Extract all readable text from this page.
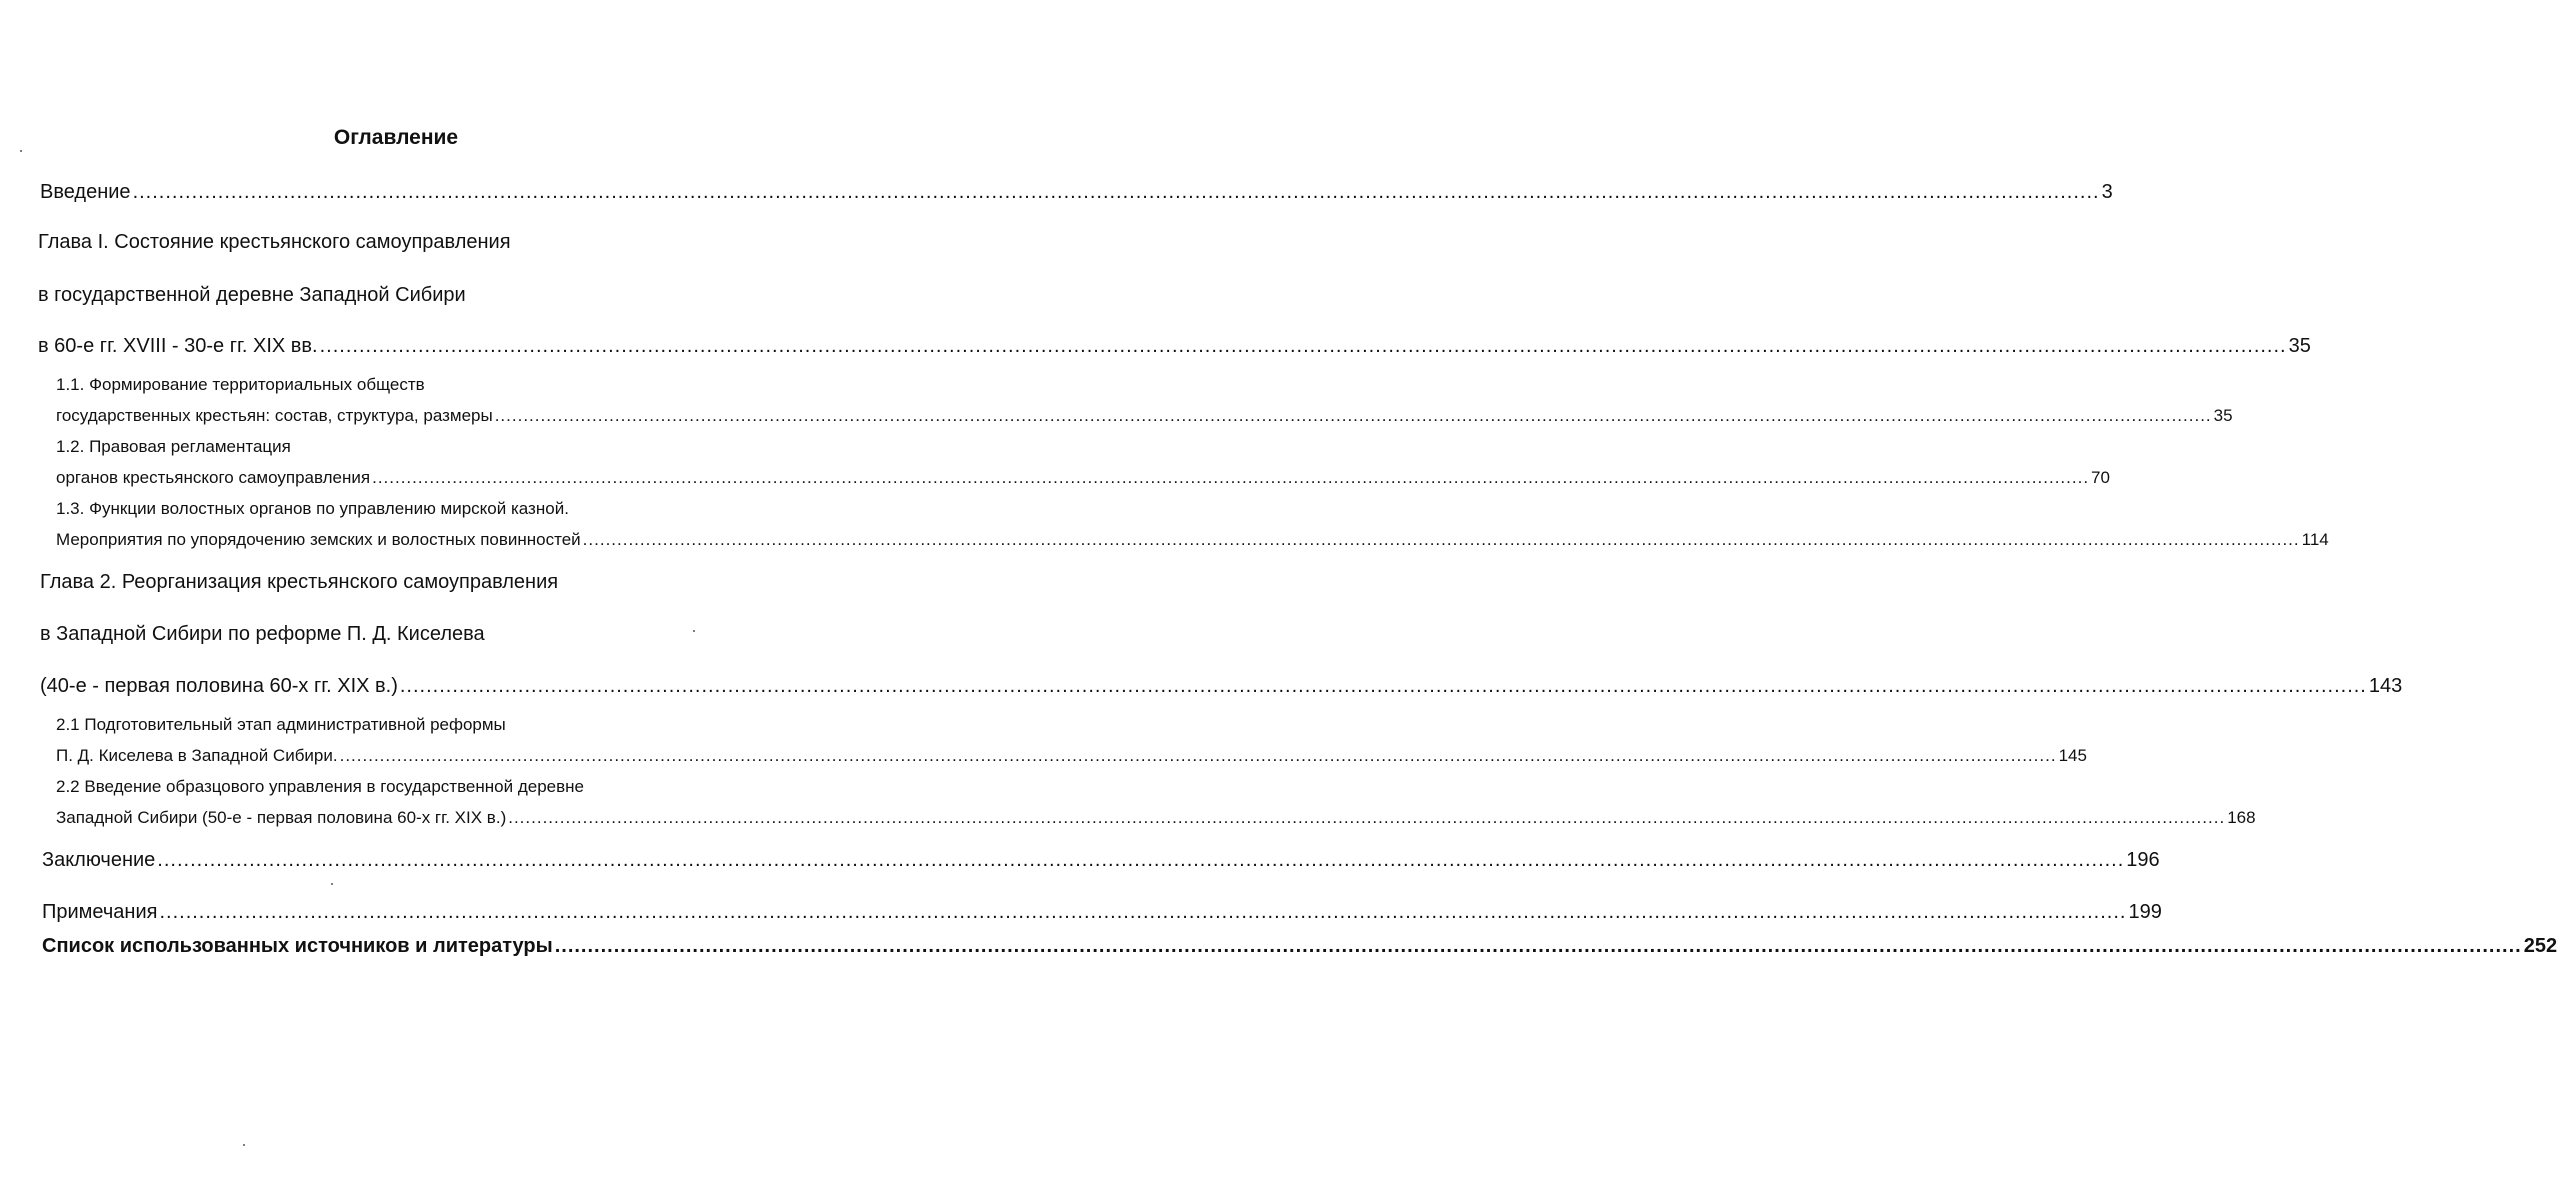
Оглавление
Введение ............................................................................................................................................................................................................................................................................................................ 3
Глава I. Состояние крестьянского самоуправления
в государственной деревне Западной Сибири
в 60-е гг. XVIII - 30-е гг. XIX вв. ............................................................................................................................................................................................................................................................................................................ 35
1.1. Формирование территориальных обществ
государственных крестьян: состав, структура, размеры ............................................................................................................................................................................................................................................................................................................ 35
1.2. Правовая регламентация
органов крестьянского самоуправления ............................................................................................................................................................................................................................................................................................................ 70
1.3. Функции волостных органов по управлению мирской казной.
Мероприятия по упорядочению земских и волостных повинностей ............................................................................................................................................................................................................................................................................................................ 114
Глава 2. Реорганизация крестьянского самоуправления
в Западной Сибири по реформе П. Д. Киселева
(40-е - первая половина 60-х гг. XIX в.) ............................................................................................................................................................................................................................................................................................................ 143
2.1 Подготовительный этап административной реформы
П. Д. Киселева в Западной Сибири. ............................................................................................................................................................................................................................................................................................................ 145
2.2 Введение образцового управления в государственной деревне
Западной Сибири (50-е - первая половина 60-х гг. XIX в.) ............................................................................................................................................................................................................................................................................................................ 168
Заключение ............................................................................................................................................................................................................................................................................................................ 196
Примечания ............................................................................................................................................................................................................................................................................................................ 199
Список использованных источников и литературы ............................................................................................................................................................................................................................................................................................................ 252
